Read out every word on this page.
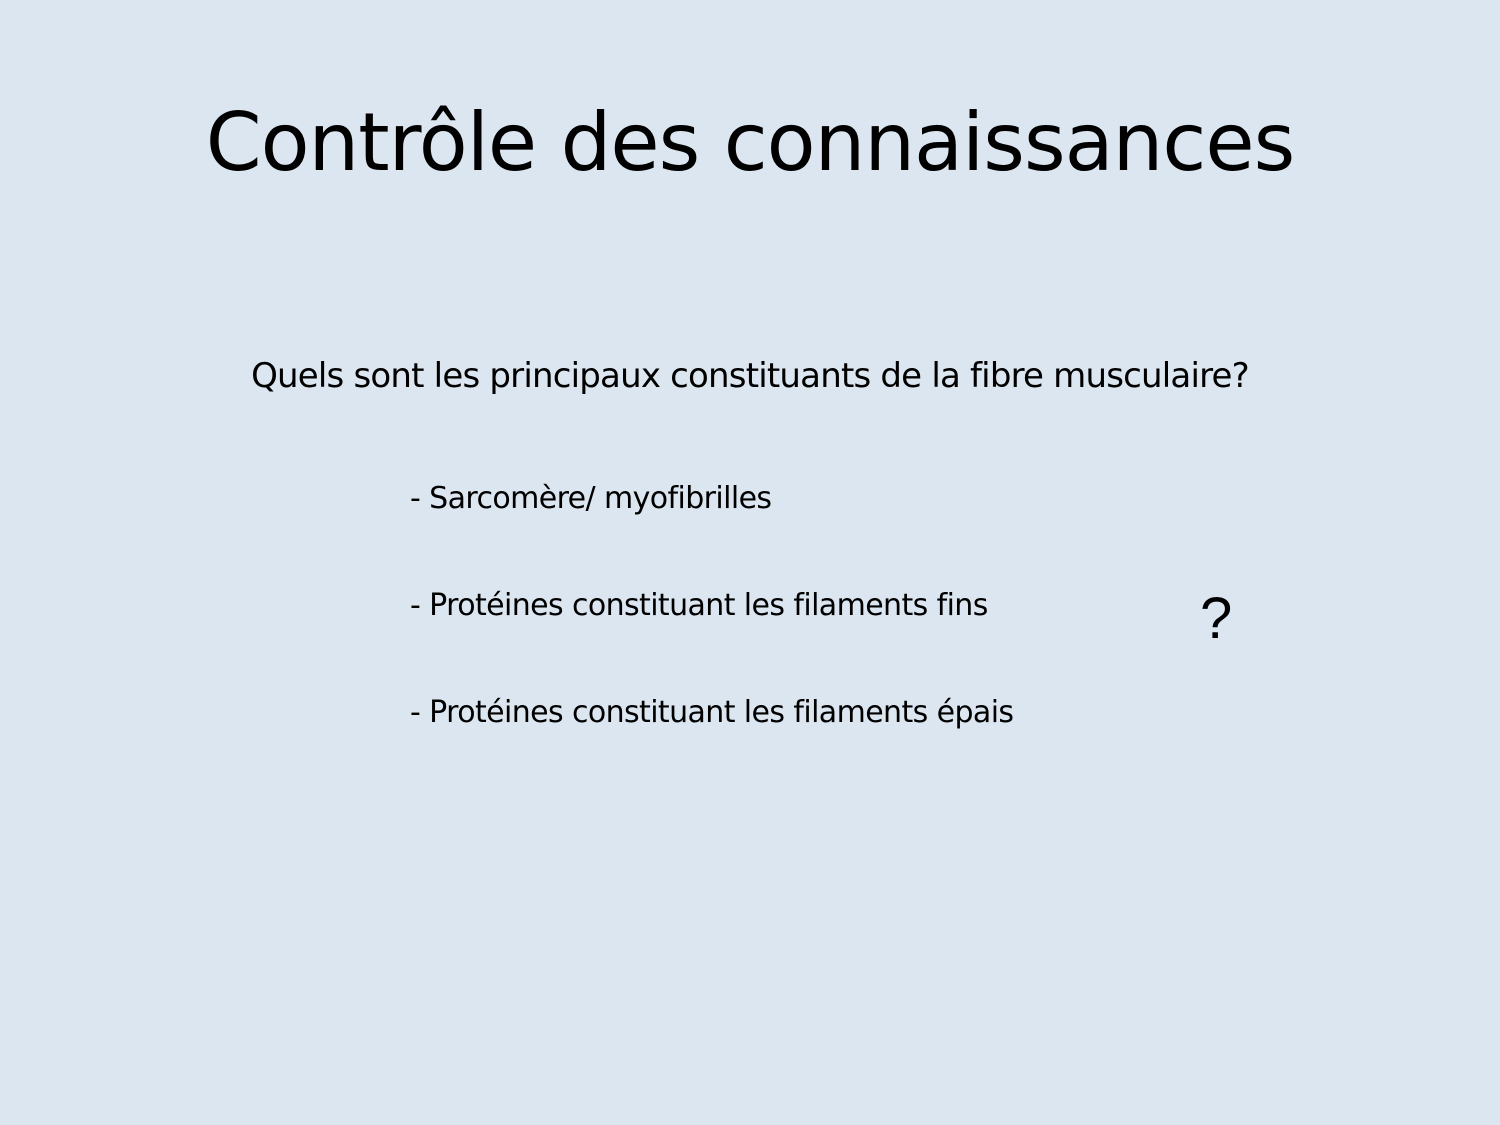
Contrôle des connaissances
Quels sont les principaux constituants de la fibre musculaire?
- Sarcomère/ myofibrilles
- Protéines constituant les filaments fins
- Protéines constituant les filaments épais
?
